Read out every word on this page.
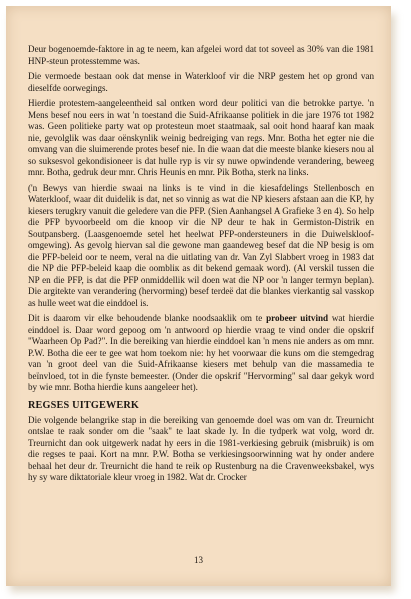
Deur bogenoemde-faktore in ag te neem, kan afgelei word dat tot soveel as 30% van die 1981 HNP-steun protesstemme was.

Die vermoede bestaan ook dat mense in Waterkloof vir die NRP gestem het op grond van dieselfde oorwegings.

Hierdie protestem-aangeleentheid sal ontken word deur politici van die betrokke partye. 'n Mens besef nou eers in wat 'n toestand die Suid-Afrikaanse politiek in die jare 1976 tot 1982 was. Geen politieke party wat op protesteun moet staatmaak, sal ooit hond haaraf kan maak nie, gevolglik was daar oënskynlik weinig bedreiging van regs. Mnr. Botha het egter nie die omvang van die sluimerende protes besef nie. In die waan dat die meeste blanke kiesers nou al so suksesvol gekondisioneer is dat hulle ryp is vir sy nuwe opwindende verandering, beweeg mnr. Botha, gedruk deur mnr. Chris Heunis en mnr. Pik Botha, sterk na links.

('n Bewys van hierdie swaai na links is te vind in die kiesafdelings Stellenbosch en Waterkloof, waar dit duidelik is dat, net so vinnig as wat die NP kiesers afstaan aan die KP, hy kiesers terugkry vanuit die geledere van die PFP. (Sien Aanhangsel A Grafieke 3 en 4). So help die PFP byvoorbeeld om die knoop vir die NP deur te hak in Germiston-Distrik en Soutpansberg. (Laasgenoemde setel het heelwat PFP-ondersteuners in die Duiwelskloof-omgewing). As gevolg hiervan sal die gewone man gaandeweg besef dat die NP besig is om die PFP-beleid oor te neem, veral na die uitlating van dr. Van Zyl Slabbert vroeg in 1983 dat die NP die PFP-beleid kaap die oombliк as dit bekend gemaak word). (Al verskil tussen die NP en die PFP, is dat die PFP onmiddellik wil doen wat die NP oor 'n langer termyn beplan). Die argitekte van verandering (hervorming) besef terdeë dat die blankes vierkantig sal vasskop as hulle weet wat die einddoel is.

Dit is daarom vir elke behoudende blanke noodsaaklik om te probeer uitvind wat hierdie einddoel is. Daar word gepoog om 'n antwoord op hierdie vraag te vind onder die opskrif "Waarheen Op Pad?". In die bereiking van hierdie einddoel kan 'n mens nie anders as om mnr. P.W. Botha die eer te gee wat hom toekom nie: hy het voorwaar die kuns om die stemgedrag van 'n groot deel van die Suid-Afrikaanse kiesers met behulp van die massamedia te beïnvloed, tot in die fynste bemeester. (Onder die opskrif "Hervorming" sal daar gekyk word by wie mnr. Botha hierdie kuns aangeleer het).

REGSES UITGEWERK

Die volgende belangrike stap in die bereiking van genoemde doel was om van dr. Treurnicht ontslae te raak sonder om die "saak" te laat skade ly. In die tydperk wat volg, word dr. Treurnicht dan ook uitgewerk nadat hy eers in die 1981-verkiesing gebruik (misbruik) is om die regses te paai. Kort na mnr. P.W. Botha se verkiesingsoorwinning wat hy onder andere behaal het deur dr. Treurnicht die hand te reik op Rustenburg na die Cravenweeksbakel, wys hy sy ware diktatoriale kleur vroeg in 1982. Wat dr. Crocker

13
